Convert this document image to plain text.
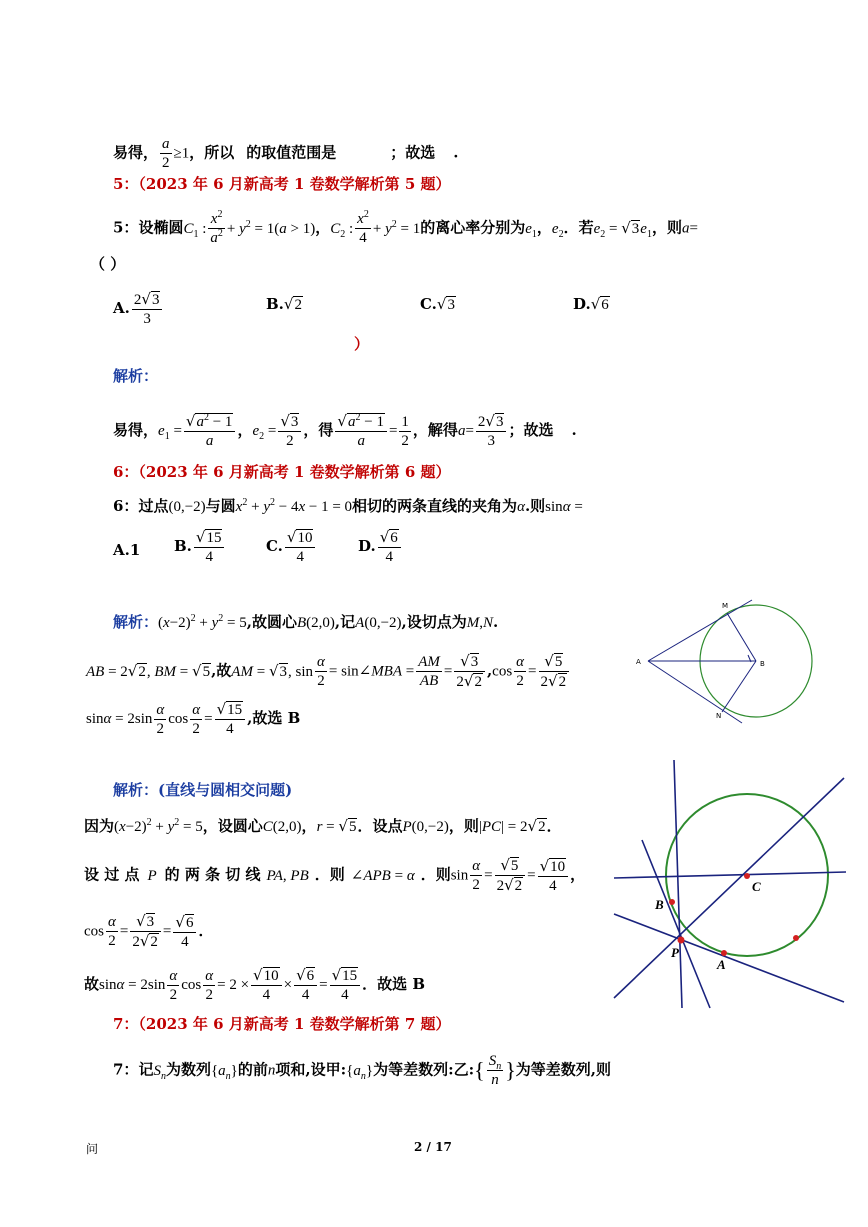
易得， $\frac{a}{2} \ge 1$，所以 的取值范围是	；故选 .
5：（2023 年 6 月新高考 1 卷数学解析第 5 题）
5：设椭圆$C_1$ : $\frac{x^2}{a^2} + y^2 = 1(a > 1)$，$C_2$ : $\frac{x^2}{4} + y^2 = 1$的离心率分别为$e_1$，$e_2$．若$e_2 = √3e_1$，则a=
（ ）
A. $\frac{2√3}{3}$	B.√2	C.√3	D.√6
）
解析：
易得，$e_1 = \frac{√a^2 - 1}{a}$ ，$e_2 = \frac{√3}{2}$ ，得 $\frac{√a^2 - 1}{a} = \frac{1}{2}$ ，解得$a= \frac{2√3}{3}$ ；故选 .
6：（2023 年 6 月新高考 1 卷数学解析第 6 题）
6：过点(0,−2)与圆$x^2 + y^2 - 4x - 1 = 0$相切的两条直线的夹角为α.则sinα =
A.1 B. $\frac{√15}{4}$	C. $\frac{√10}{4}$	D. $\frac{√6}{4}$
解析：$(x-2)^2 + y^2 = 5$,故圆心B(2,0),记A(0,−2),设切点为M,N.
AB = 2√2, BM = √5,故AM = √3, $\sin \frac{\alpha}{2}$ = sin∠MBA = $\frac{AM}{AB} = \frac{√3}{2√2} ,\cos \frac{\alpha}{2} = \frac{√5}{2√2}$
$\sin\alpha = 2\sin \frac{\alpha}{2}$ $\cos \frac{\alpha}{2} = \frac{√15}{4}$ ,故选 B
M
A	B
N
解析：(直线与圆相交问题)
因为$(x-2)^2 + y^2 = 5$，设圆心C(2,0)，r = √5．设点P(0,−2)，则|PC| = 2√2．
设 过 点 P 的 两 条 切 线 PA, PB ．则 ∠APB = α ．则$\sin \frac{\alpha}{2} = \frac{√5}{2√2} = \frac{√10}{4}$ ，
$\cos \frac{\alpha}{2} = \frac{√3}{2√2} = \frac{√6}{4}$ ．
故$\sin\alpha = 2\sin \frac{\alpha}{2}$ $\cos \frac{\alpha}{2} = 2 \times \frac{√10}{4} \times \frac{√6}{4} = \frac{√15}{4}$ ．故选 B
C
B
P
A
7：（2023 年 6 月新高考 1 卷数学解析第 7 题）
7：记$S_n$为数列$\{a_n\}$的前n项和,设甲$:\{a_n\}$为等差数列:乙:{ $\frac{S_n}{n}$ }为等差数列,则
问	2 / 17
